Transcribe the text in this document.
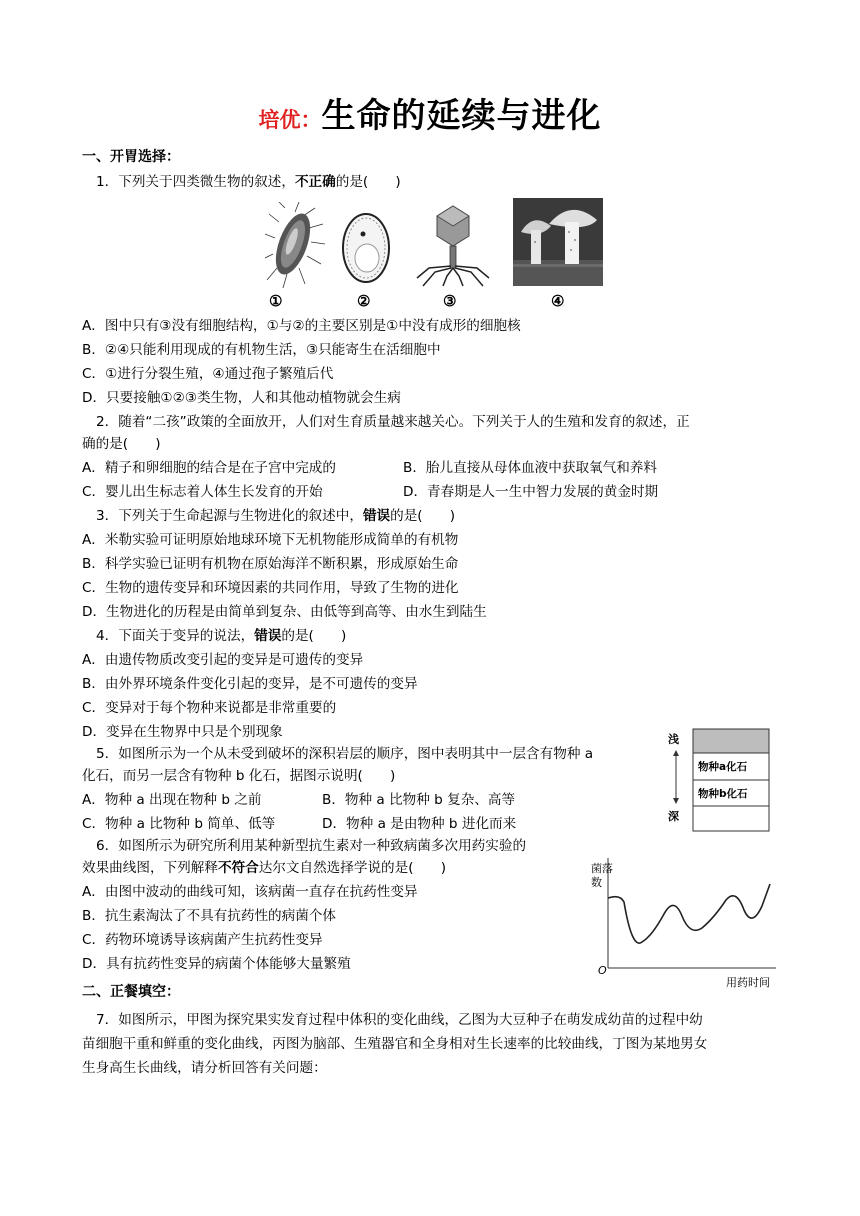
培优：生命的延续与进化
一、开胃选择：
1．下列关于四类微生物的叙述，不正确的是(　　)
①	②	③	④
A．图中只有③没有细胞结构，①与②的主要区别是①中没有成形的细胞核
B．②④只能利用现成的有机物生活，③只能寄生在活细胞中
C．①进行分裂生殖，④通过孢子繁殖后代
D．只要接触①②③类生物，人和其他动植物就会生病
2．随着“二孩”政策的全面放开，人们对生育质量越来越关心。下列关于人的生殖和发育的叙述，正
确的是(　　)
A．精子和卵细胞的结合是在子宫中完成的	B．胎儿直接从母体血液中获取氧气和养料
C．婴儿出生标志着人体生长发育的开始	D．青春期是人一生中智力发展的黄金时期
3．下列关于生命起源与生物进化的叙述中，错误的是(　　)
A．米勒实验可证明原始地球环境下无机物能形成简单的有机物
B．科学实验已证明有机物在原始海洋不断积累，形成原始生命
C．生物的遗传变异和环境因素的共同作用，导致了生物的进化
D．生物进化的历程是由简单到复杂、由低等到高等、由水生到陆生
4．下面关于变异的说法，错误的是(　　)
A．由遗传物质改变引起的变异是可遗传的变异
B．由外界环境条件变化引起的变异，是不可遗传的变异
C．变异对于每个物种来说都是非常重要的
D．变异在生物界中只是个别现象
5．如图所示为一个从未受到破坏的深积岩层的顺序，图中表明其中一层含有物种 a
化石，而另一层含有物种 b 化石，据图示说明(　　)
A．物种 a 出现在物种 b 之前	B．物种 a 比物种 b 复杂、高等
C．物种 a 比物种 b 简单、低等	D．物种 a 是由物种 b 进化而来
浅
深
物种a化石
物种b化石
6．如图所示为研究所利用某种新型抗生素对一种致病菌多次用药实验的
效果曲线图，下列解释不符合达尔文自然选择学说的是(　　)
A．由图中波动的曲线可知，该病菌一直存在抗药性变异
B．抗生素淘汰了不具有抗药性的病菌个体
C．药物环境诱导该病菌产生抗药性变异
D．具有抗药性变异的病菌个体能够大量繁殖
菌落
数
O
用药时间
二、正餐填空：
7．如图所示，甲图为探究果实发育过程中体积的变化曲线，乙图为大豆种子在萌发成幼苗的过程中幼
苗细胞干重和鲜重的变化曲线，丙图为脑部、生殖器官和全身相对生长速率的比较曲线，丁图为某地男女
生身高生长曲线，请分析回答有关问题：
